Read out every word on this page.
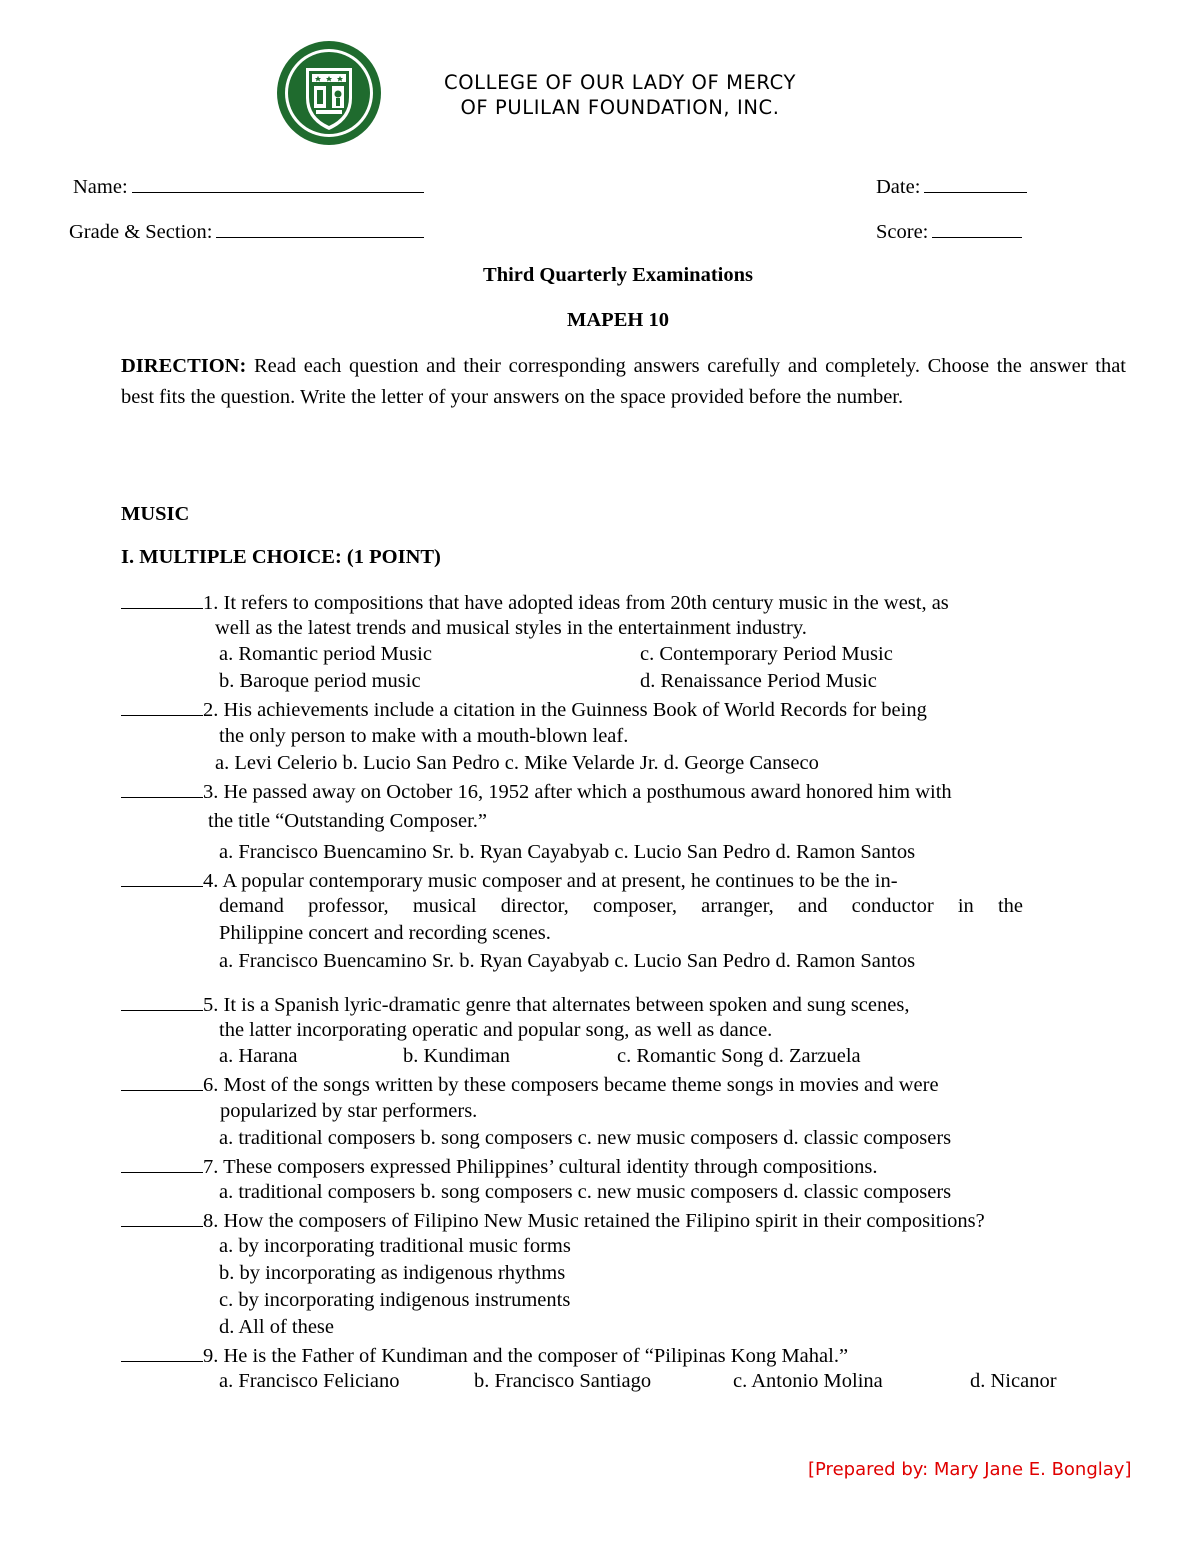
COLLEGE OF OUR LADY OF MERCY
OF PULILAN FOUNDATION, INC.
Name:	Date:
Grade & Section:	Score:
Third Quarterly Examinations
MAPEH 10
DIRECTION: Read each question and their corresponding answers carefully and completely. Choose the answer that best fits the question. Write the letter of your answers on the space provided before the number.
MUSIC
I. MULTIPLE CHOICE: (1 POINT)
1. It refers to compositions that have adopted ideas from 20th century music in the west, as
well as the latest trends and musical styles in the entertainment industry.
a. Romantic period Music	c. Contemporary Period Music
b. Baroque period music	d. Renaissance Period Music
2. His achievements include a citation in the Guinness Book of World Records for being
the only person to make with a mouth-blown leaf.
a. Levi Celerio b. Lucio San Pedro c. Mike Velarde Jr. d. George Canseco
3. He passed away on October 16, 1952 after which a posthumous award honored him with
the title “Outstanding Composer.”
a. Francisco Buencamino Sr. b. Ryan Cayabyab c. Lucio San Pedro d. Ramon Santos
4. A popular contemporary music composer and at present, he continues to be the in-
demand professor, musical director, composer, arranger, and conductor in the
Philippine concert and recording scenes.
a. Francisco Buencamino Sr. b. Ryan Cayabyab c. Lucio San Pedro d. Ramon Santos
5. It is a Spanish lyric-dramatic genre that alternates between spoken and sung scenes,
the latter incorporating operatic and popular song, as well as dance.
a. Harana	b. Kundiman	c. Romantic Song d. Zarzuela
6. Most of the songs written by these composers became theme songs in movies and were
popularized by star performers.
a. traditional composers b. song composers c. new music composers d. classic composers
7. These composers expressed Philippines’ cultural identity through compositions.
a. traditional composers b. song composers c. new music composers d. classic composers
8. How the composers of Filipino New Music retained the Filipino spirit in their compositions?
a. by incorporating traditional music forms
b. by incorporating as indigenous rhythms
c. by incorporating indigenous instruments
d. All of these
9. He is the Father of Kundiman and the composer of “Pilipinas Kong Mahal.”
a. Francisco Feliciano	b. Francisco Santiago	c. Antonio Molina	d. Nicanor
[Prepared by: Mary Jane E. Bonglay]
